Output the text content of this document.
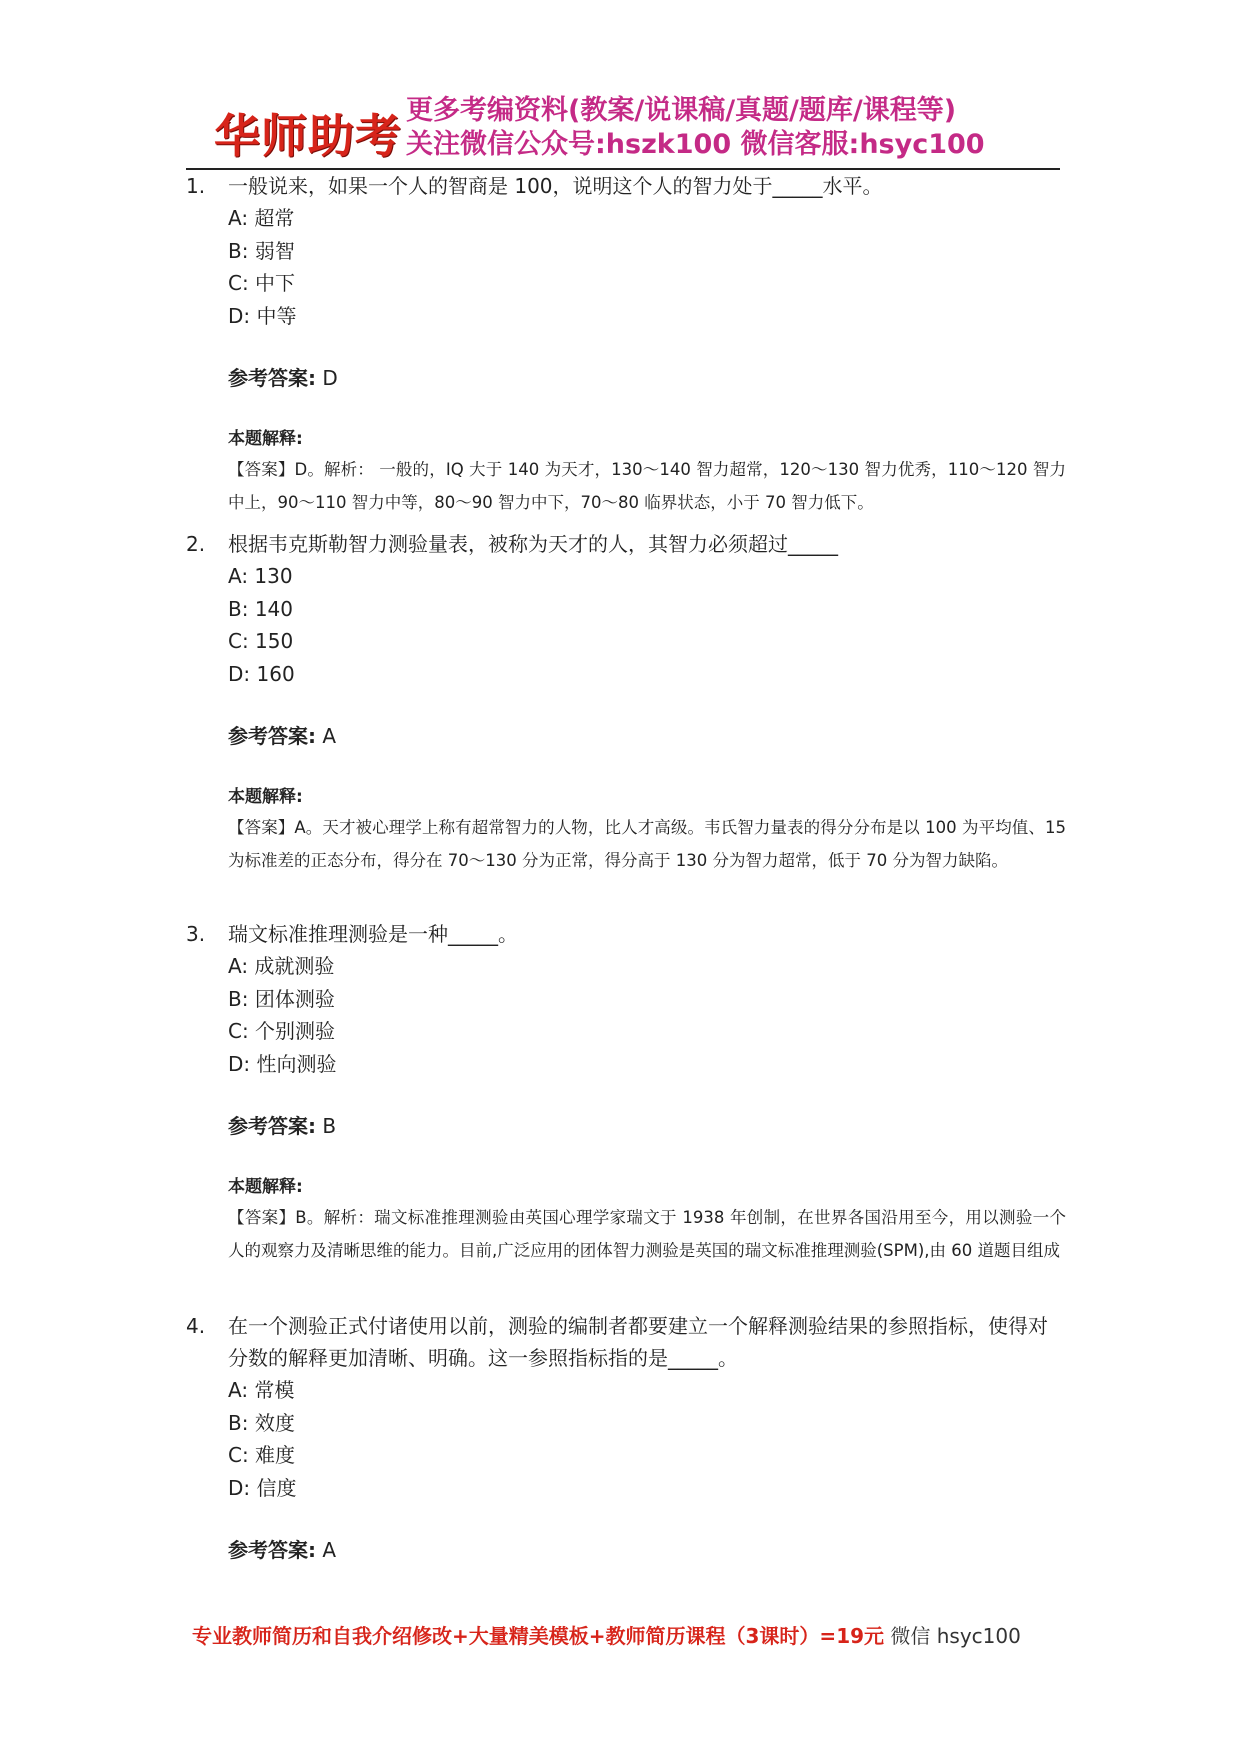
华师助考 更多考编资料(教案/说课稿/真题/题库/课程等)
关注微信公众号:hszk100 微信客服:hsyc100
1.	一般说来，如果一个人的智商是 100，说明这个人的智力处于_____水平。
A: 超常
B: 弱智
C: 中下
D: 中等
参考答案: D
本题解释:
【答案】D。解析： 一般的，IQ 大于 140 为天才，130～140 智力超常，120～130 智力优秀，110～120 智力中上，90～110 智力中等，80～90 智力中下，70～80 临界状态，小于 70 智力低下。
2.	根据韦克斯勒智力测验量表，被称为天才的人，其智力必须超过_____
A: 130
B: 140
C: 150
D: 160
参考答案: A
本题解释:
【答案】A。天才被心理学上称有超常智力的人物，比人才高级。韦氏智力量表的得分分布是以 100 为平均值、15 为标准差的正态分布，得分在 70～130 分为正常，得分高于 130 分为智力超常，低于 70 分为智力缺陷。
3.	瑞文标准推理测验是一种_____。
A: 成就测验
B: 团体测验
C: 个别测验
D: 性向测验
参考答案: B
本题解释:
【答案】B。解析：瑞文标准推理测验由英国心理学家瑞文于 1938 年创制，在世界各国沿用至今，用以测验一个人的观察力及清晰思维的能力。目前,广泛应用的团体智力测验是英国的瑞文标准推理测验(SPM),由 60 道题目组成
4.	在一个测验正式付诸使用以前，测验的编制者都要建立一个解释测验结果的参照指标，使得对分数的解释更加清晰、明确。这一参照指标指的是_____。
A: 常模
B: 效度
C: 难度
D: 信度
参考答案: A
专业教师简历和自我介绍修改+大量精美模板+教师简历课程（3课时）=19元 微信 hsyc100
